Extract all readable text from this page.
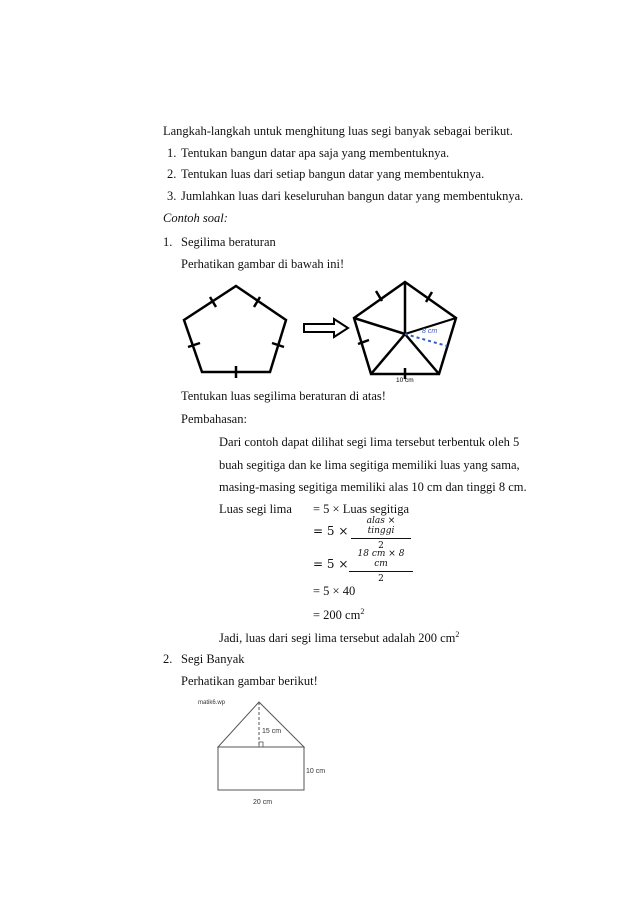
Langkah-langkah untuk menghitung luas segi banyak sebagai berikut.
1. Tentukan bangun datar apa saja yang membentuknya.
2. Tentukan luas dari setiap bangun datar yang membentuknya.
3. Jumlahkan luas dari keseluruhan bangun datar yang membentuknya.
Contoh soal:
1. Segilima beraturan
Perhatikan gambar di bawah ini!
8 cm
10 cm
Tentukan luas segilima beraturan di atas!
Pembahasan:
Dari contoh dapat dilihat segi lima tersebut terbentuk oleh 5
buah segitiga dan ke lima segitiga memiliki luas yang sama,
masing-masing segitiga memiliki alas 10 cm dan tinggi 8 cm.
Luas segi lima = 5 × Luas segitiga
= 5 ×
alas × tinggi
2
= $5 \times \frac{18 cm \times 8 cm}{2}$
= 5 × 40
= 200 $cm^2$
Jadi, luas dari segi lima tersebut adalah 200 $cm^2$
2. Segi Banyak
Perhatikan gambar berikut!
matik6.wp
15 cm
10 cm
20 cm
